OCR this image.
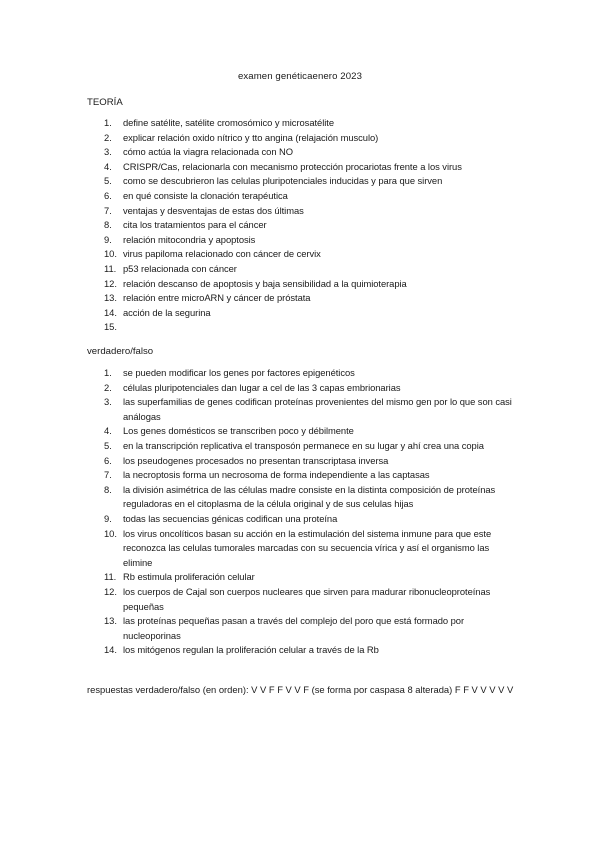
examen genéticaenero 2023
TEORÍA
1. define satélite, satélite cromosómico y microsatélite
2. explicar relación oxido nítrico y tto angina (relajación musculo)
3. cómo actúa la viagra relacionada con NO
4. CRISPR/Cas, relacionarla con mecanismo protección procariotas frente a los virus
5. como se descubrieron las celulas pluripotenciales inducidas y para que sirven
6. en qué consiste la clonación terapéutica
7. ventajas y desventajas de estas dos últimas
8. cita los tratamientos para el cáncer
9. relación mitocondria y apoptosis
10. virus papiloma relacionado con cáncer de cervix
11. p53 relacionada con cáncer
12. relación descanso de apoptosis y baja sensibilidad a la quimioterapia
13. relación entre microARN y cáncer de próstata
14. acción de la segurina
15.
verdadero/falso
1. se pueden modificar los genes por factores epigenéticos
2. células pluripotenciales dan lugar a cel de las 3 capas embrionarias
3. las superfamilias de genes codifican proteínas provenientes del mismo gen por lo que son casi análogas
4. Los genes domésticos se transcriben poco y débilmente
5. en la transcripción replicativa el transposón permanece en su lugar y ahí crea una copia
6. los pseudogenes procesados no presentan transcriptasa inversa
7. la necroptosis forma un necrosoma de forma independiente a las captasas
8. la división asimétrica de las células madre consiste en la distinta composición de proteínas reguladoras en el citoplasma de la célula original y de sus celulas hijas
9. todas las secuencias génicas codifican una proteína
10. los virus oncolíticos basan su acción en la estimulación del sistema inmune para que este reconozca las celulas tumorales marcadas con su secuencia vírica y así el organismo las elimine
11. Rb estimula proliferación celular
12. los cuerpos de Cajal son cuerpos nucleares que sirven para madurar ribonucleoproteínas pequeñas
13. las proteínas pequeñas pasan a través del complejo del poro que está formado por nucleoporinas
14. los mitógenos regulan la proliferación celular a través de la Rb
respuestas verdadero/falso (en orden): V V F F V V F (se forma por caspasa 8 alterada) F F V V V V V
